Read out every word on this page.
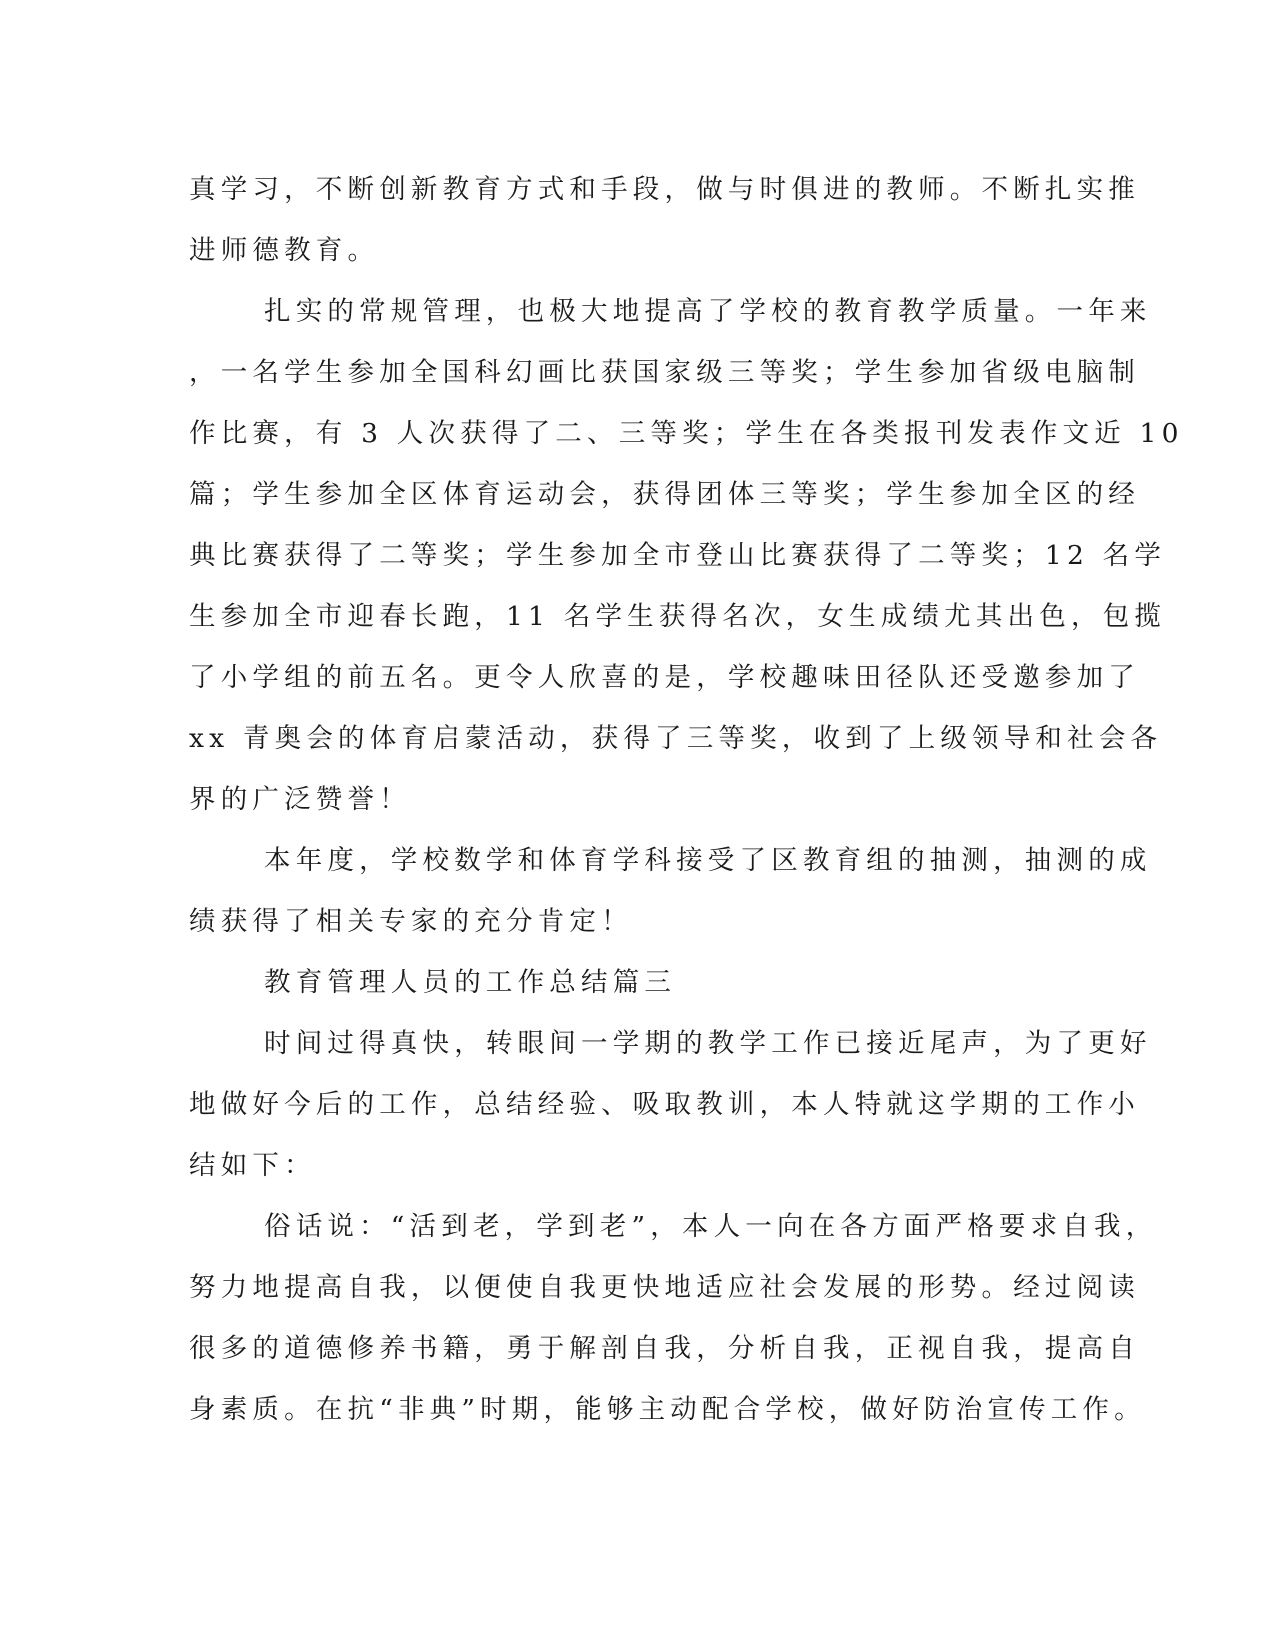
真学习，不断创新教育方式和手段，做与时俱进的教师。不断扎实推
进师德教育。
扎实的常规管理，也极大地提高了学校的教育教学质量。一年来
，一名学生参加全国科幻画比获国家级三等奖；学生参加省级电脑制
作比赛，有 3 人次获得了二、三等奖；学生在各类报刊发表作文近 10
篇；学生参加全区体育运动会，获得团体三等奖；学生参加全区的经
典比赛获得了二等奖；学生参加全市登山比赛获得了二等奖；12 名学
生参加全市迎春长跑，11 名学生获得名次，女生成绩尤其出色，包揽
了小学组的前五名。更令人欣喜的是，学校趣味田径队还受邀参加了
xx 青奥会的体育启蒙活动，获得了三等奖，收到了上级领导和社会各
界的广泛赞誉！
本年度，学校数学和体育学科接受了区教育组的抽测，抽测的成
绩获得了相关专家的充分肯定！
教育管理人员的工作总结篇三
时间过得真快，转眼间一学期的教学工作已接近尾声，为了更好
地做好今后的工作，总结经验、吸取教训，本人特就这学期的工作小
结如下：
俗话说：“活到老，学到老”，本人一向在各方面严格要求自我，
努力地提高自我，以便使自我更快地适应社会发展的形势。经过阅读
很多的道德修养书籍，勇于解剖自我，分析自我，正视自我，提高自
身素质。在抗“非典”时期，能够主动配合学校，做好防治宣传工作。
